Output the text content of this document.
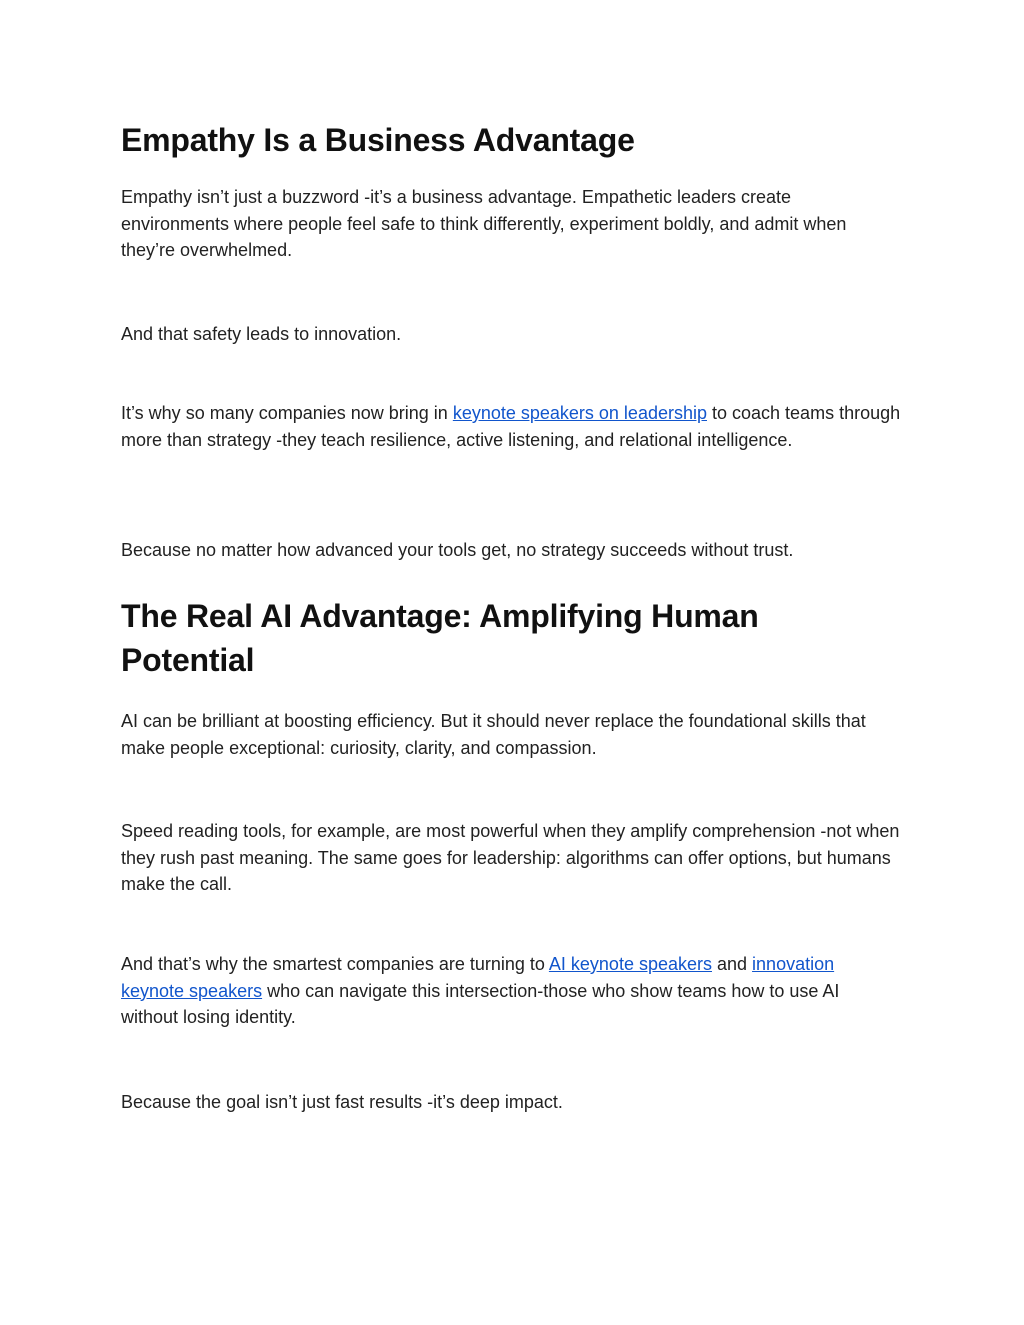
Empathy Is a Business Advantage

Empathy isn’t just a buzzword -it’s a business advantage. Empathetic leaders create environments where people feel safe to think differently, experiment boldly, and admit when they’re overwhelmed.

And that safety leads to innovation.

It’s why so many companies now bring in keynote speakers on leadership to coach teams through more than strategy -they teach resilience, active listening, and relational intelligence.

Because no matter how advanced your tools get, no strategy succeeds without trust.

The Real AI Advantage: Amplifying Human Potential

AI can be brilliant at boosting efficiency. But it should never replace the foundational skills that make people exceptional: curiosity, clarity, and compassion.

Speed reading tools, for example, are most powerful when they amplify comprehension -not when they rush past meaning. The same goes for leadership: algorithms can offer options, but humans make the call.

And that’s why the smartest companies are turning to AI keynote speakers and innovation keynote speakers who can navigate this intersection-those who show teams how to use AI without losing identity.

Because the goal isn’t just fast results -it’s deep impact.
